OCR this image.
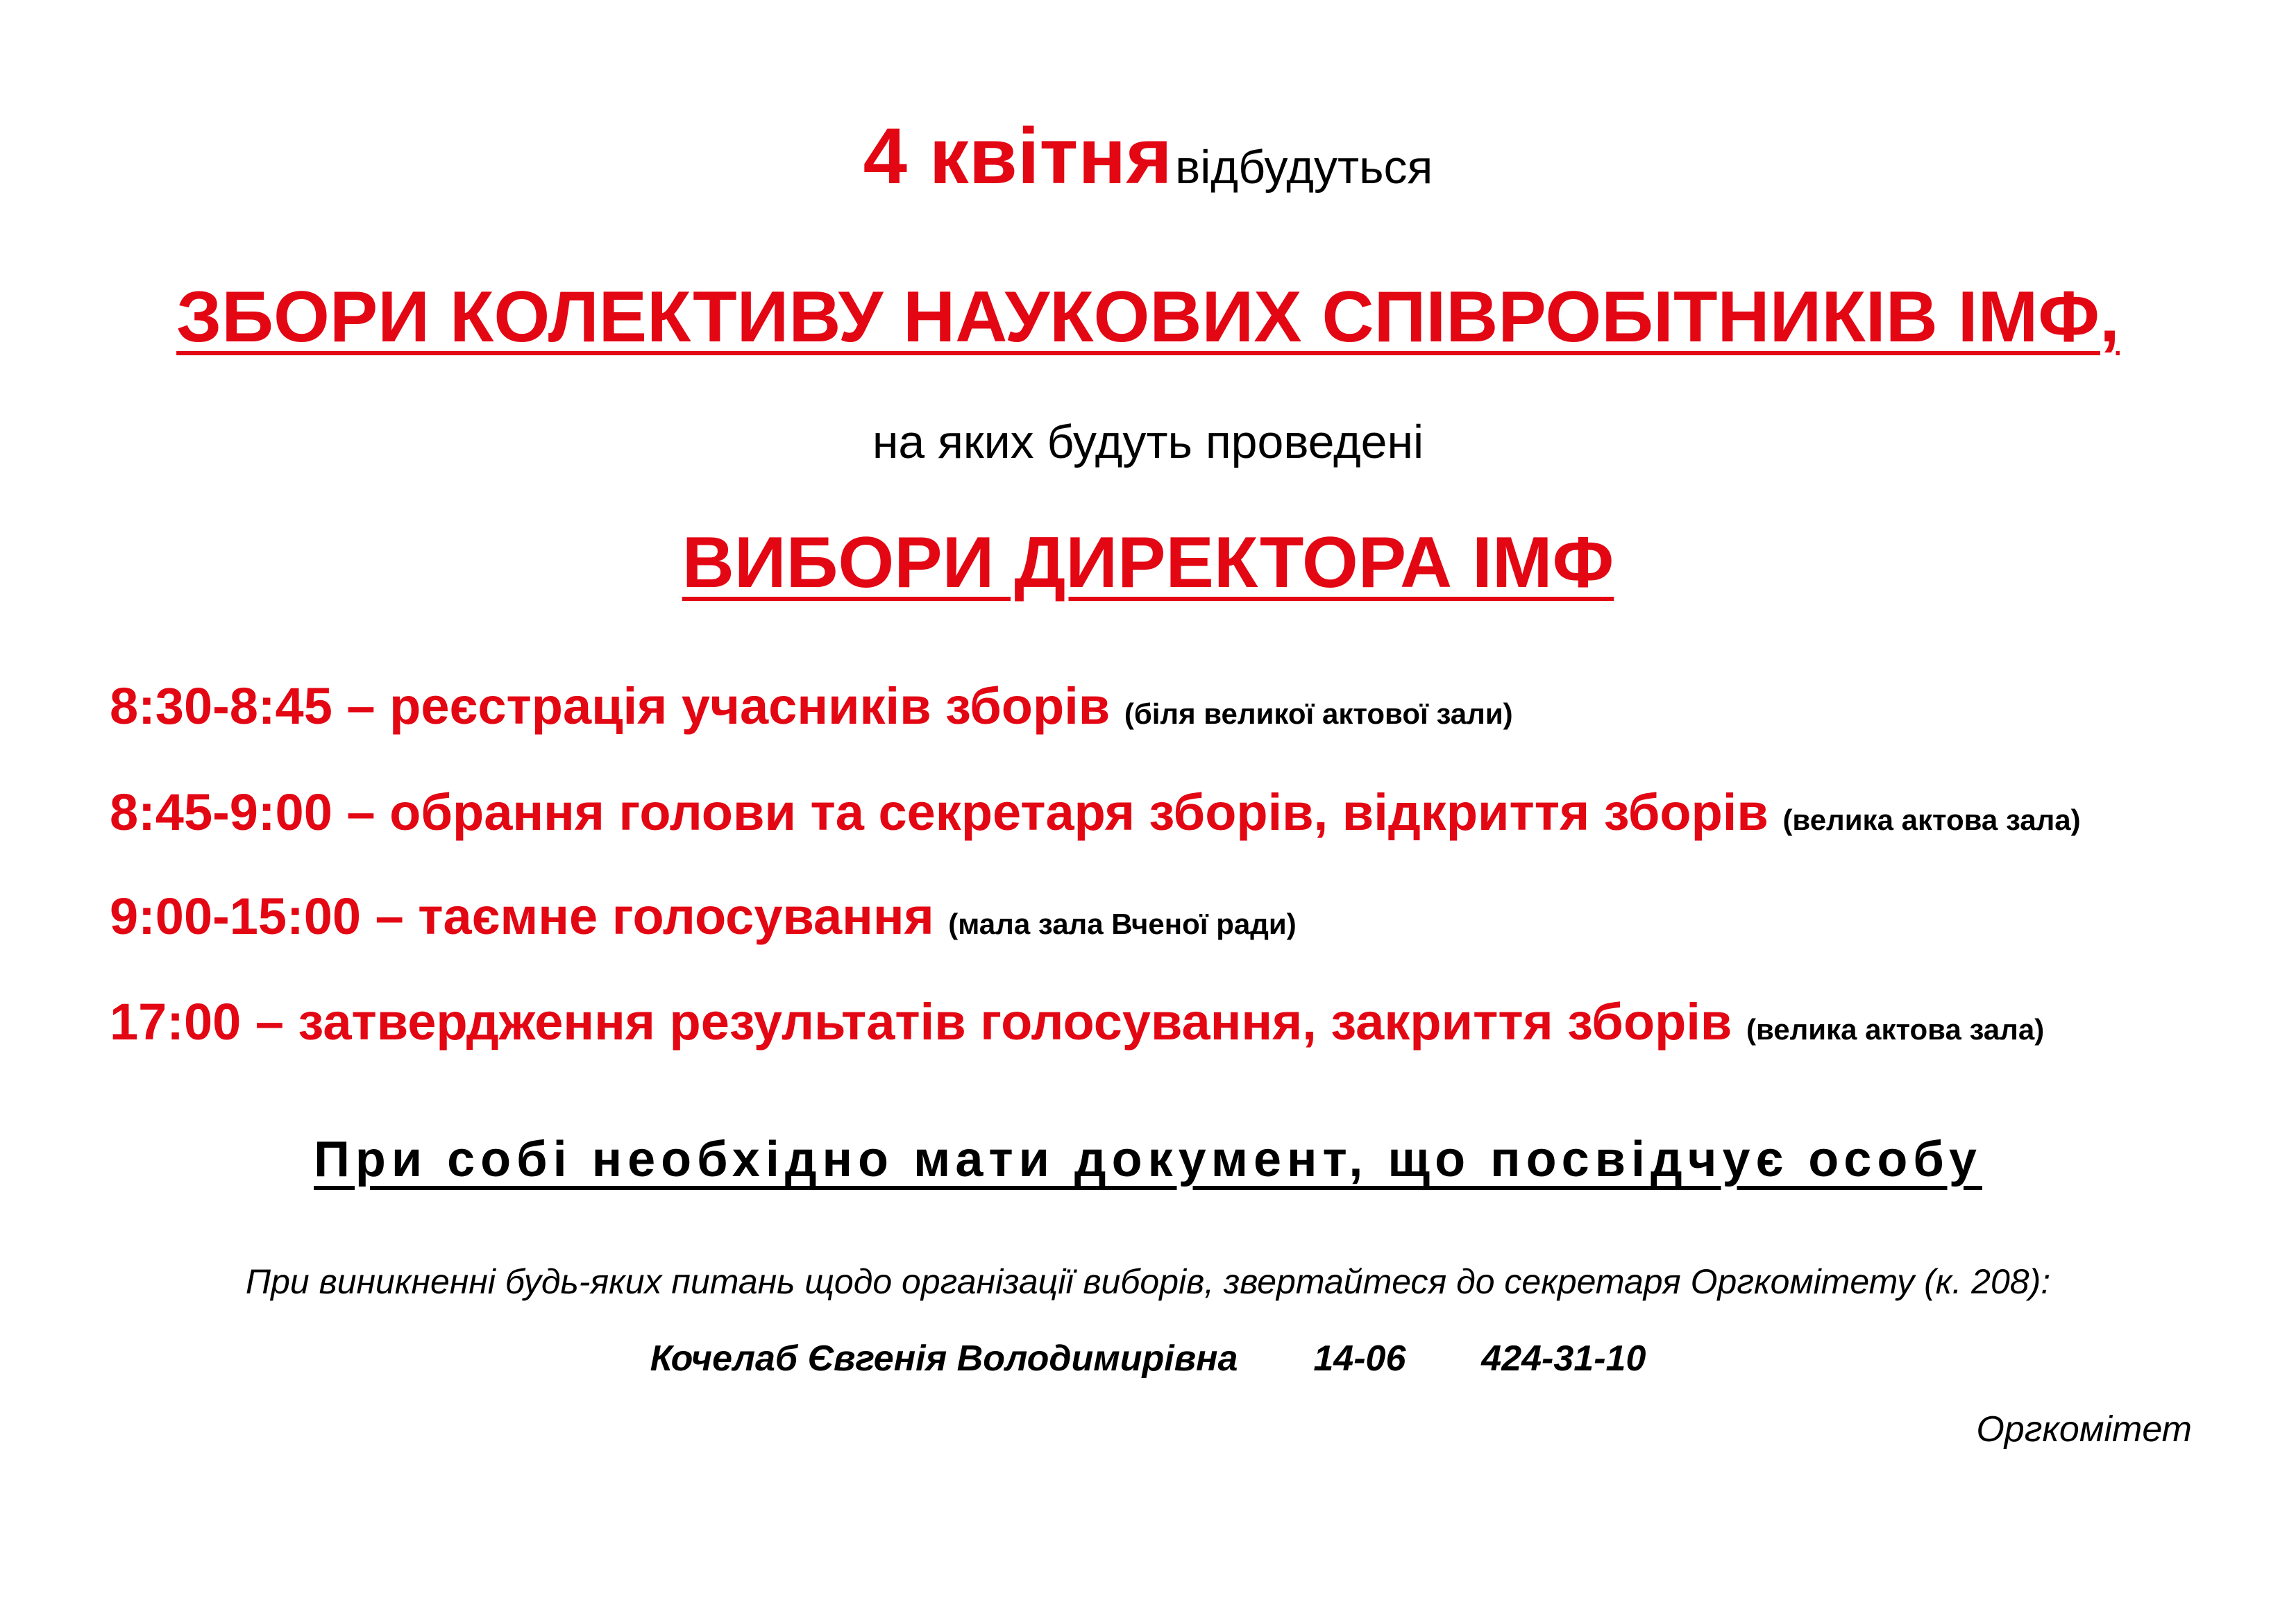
4 квітня відбудуться
ЗБОРИ КОЛЕКТИВУ НАУКОВИХ СПІВРОБІТНИКІВ ІМФ,
на яких будуть проведені
ВИБОРИ ДИРЕКТОРА ІМФ
8:30-8:45 – реєстрація учасників зборів (біля великої актової зали)
8:45-9:00 – обрання голови та секретаря зборів, відкриття зборів (велика актова зала)
9:00-15:00 – таємне голосування (мала зала Вченої ради)
17:00 – затвердження результатів голосування, закриття зборів (велика актова зала)
При собі необхідно мати документ, що посвідчує особу
При виникненні будь-яких питань щодо організації виборів, звертайтеся до секретаря Оргкомітету (к. 208):
Кочелаб Євгенія Володимирівна 14-06 424-31-10
Оргкомітет
